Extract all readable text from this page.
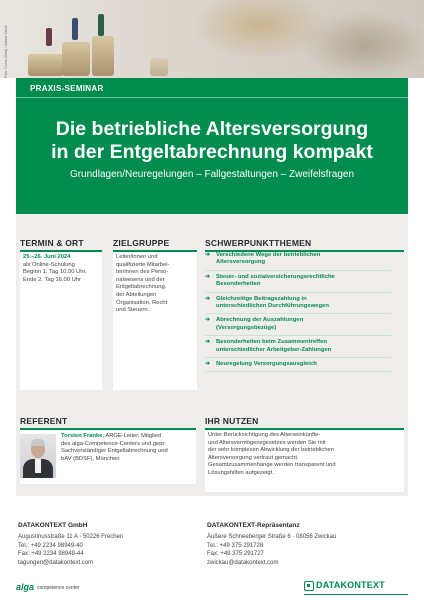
Foto: Coins (Geld) / Adobe Stock
PRAXIS-SEMINAR
Die betriebliche Altersversorgung
in der Entgeltabrechnung kompakt
Grundlagen/Neuregelungen – Fallgestaltungen – Zweifelsfragen
TERMIN & ORT
25.–26. Juni 2024
als Online-Schulung
Beginn 1. Tag 10.00 Uhr,
Ende 2. Tag 16.00 Uhr
ZIELGRUPPE
Leiter/innen und
qualifizierte Mitarbei-
ter/innen des Perso-
nalwesens und der
Entgeltabrechnung,
der Abteilungen
Organisation, Recht
und Steuern.
SCHWERPUNKTTHEMEN
➔ Verschiedene Wege der betrieblichen
Altersversorgung
➔ Steuer- und sozialversicherungsrechtliche
Besonderheiten
➔ Gleichzeitige Beitragszahlung in
unterschiedlichen Durchführungswegen
➔ Abrechnung der Auszahlungen
(Versorgungsbezüge)
➔ Besonderheiten beim Zusammentreffen
unterschiedlicher Arbeitgeber-Zahlungen
➔ Neuregelung Versorgungsausgleich
REFERENT
Torsten Franke, ARGE-Leiter, Mitglied
des alga-Competence-Centers und gepr.
Sachverständiger Entgeltabrechnung und
bAV (BDSF), München
IHR NUTZEN
Unter Berücksichtigung des Alterseinkünfte-
und Altersvermögensgesetzes werden Sie mit
der sehr komplexen Abwicklung der betrieblichen
Altersversorgung vertraut gemacht.
Gesamtzusammenhänge werden transparent und
Lösungshilfen aufgezeigt.
DATAKONTEXT GmbH
Augustinusstraße 11 A · 50226 Frechen
Tel.: +49 2234 98949-40
Fax: +49 2234 98949-44
tagungen@datakontext.com
DATAKONTEXT-Repräsentanz
Äußere Schneeberger Straße 6 · 08056 Zwickau
Tel.: +49 375 291728
Fax: +49 375 291727
zwickau@datakontext.com
alga competence center	DATAKONTEXT
